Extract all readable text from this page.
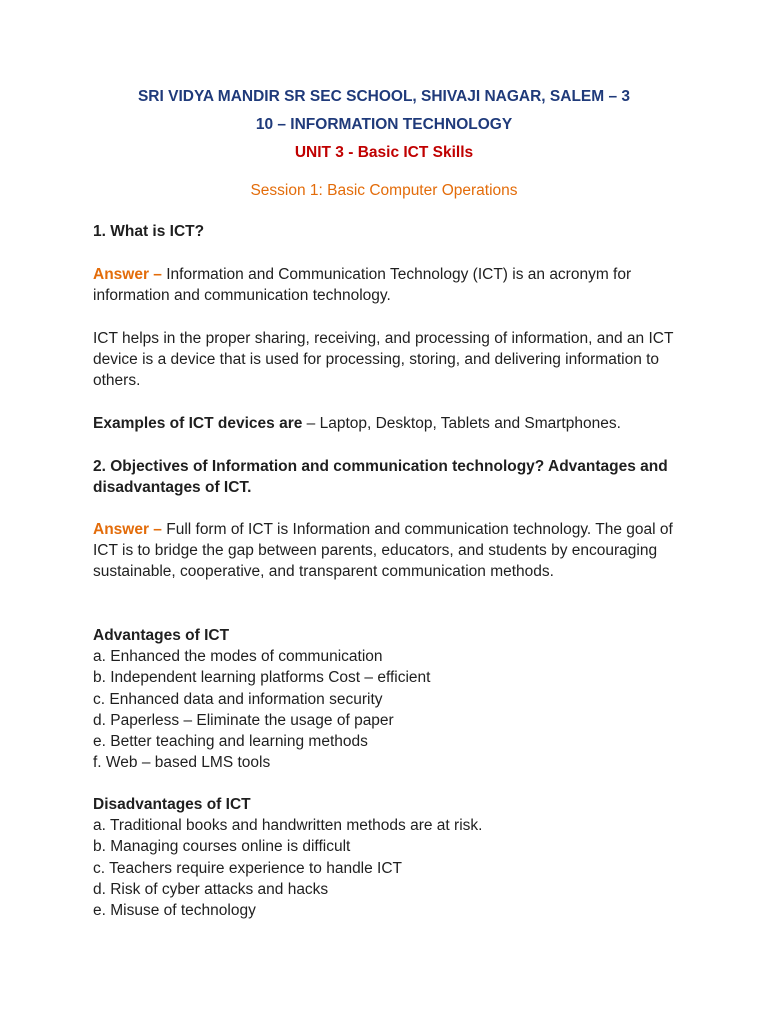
SRI VIDYA MANDIR SR SEC SCHOOL, SHIVAJI NAGAR, SALEM – 3
10 – INFORMATION TECHNOLOGY
UNIT 3 - Basic ICT Skills
Session 1: Basic Computer Operations
1. What is ICT?
Answer – Information and Communication Technology (ICT) is an acronym for information and communication technology.
ICT helps in the proper sharing, receiving, and processing of information, and an ICT device is a device that is used for processing, storing, and delivering information to others.
Examples of ICT devices are – Laptop, Desktop, Tablets and Smartphones.
2. Objectives of Information and communication technology? Advantages and disadvantages of ICT.
Answer – Full form of ICT is Information and communication technology. The goal of ICT is to bridge the gap between parents, educators, and students by encouraging sustainable, cooperative, and transparent communication methods.
Advantages of ICT
a. Enhanced the modes of communication
b. Independent learning platforms Cost – efficient
c. Enhanced data and information security
d. Paperless – Eliminate the usage of paper
e. Better teaching and learning methods
f. Web – based LMS tools
Disadvantages of ICT
a. Traditional books and handwritten methods are at risk.
b. Managing courses online is difficult
c. Teachers require experience to handle ICT
d. Risk of cyber attacks and hacks
e. Misuse of technology
